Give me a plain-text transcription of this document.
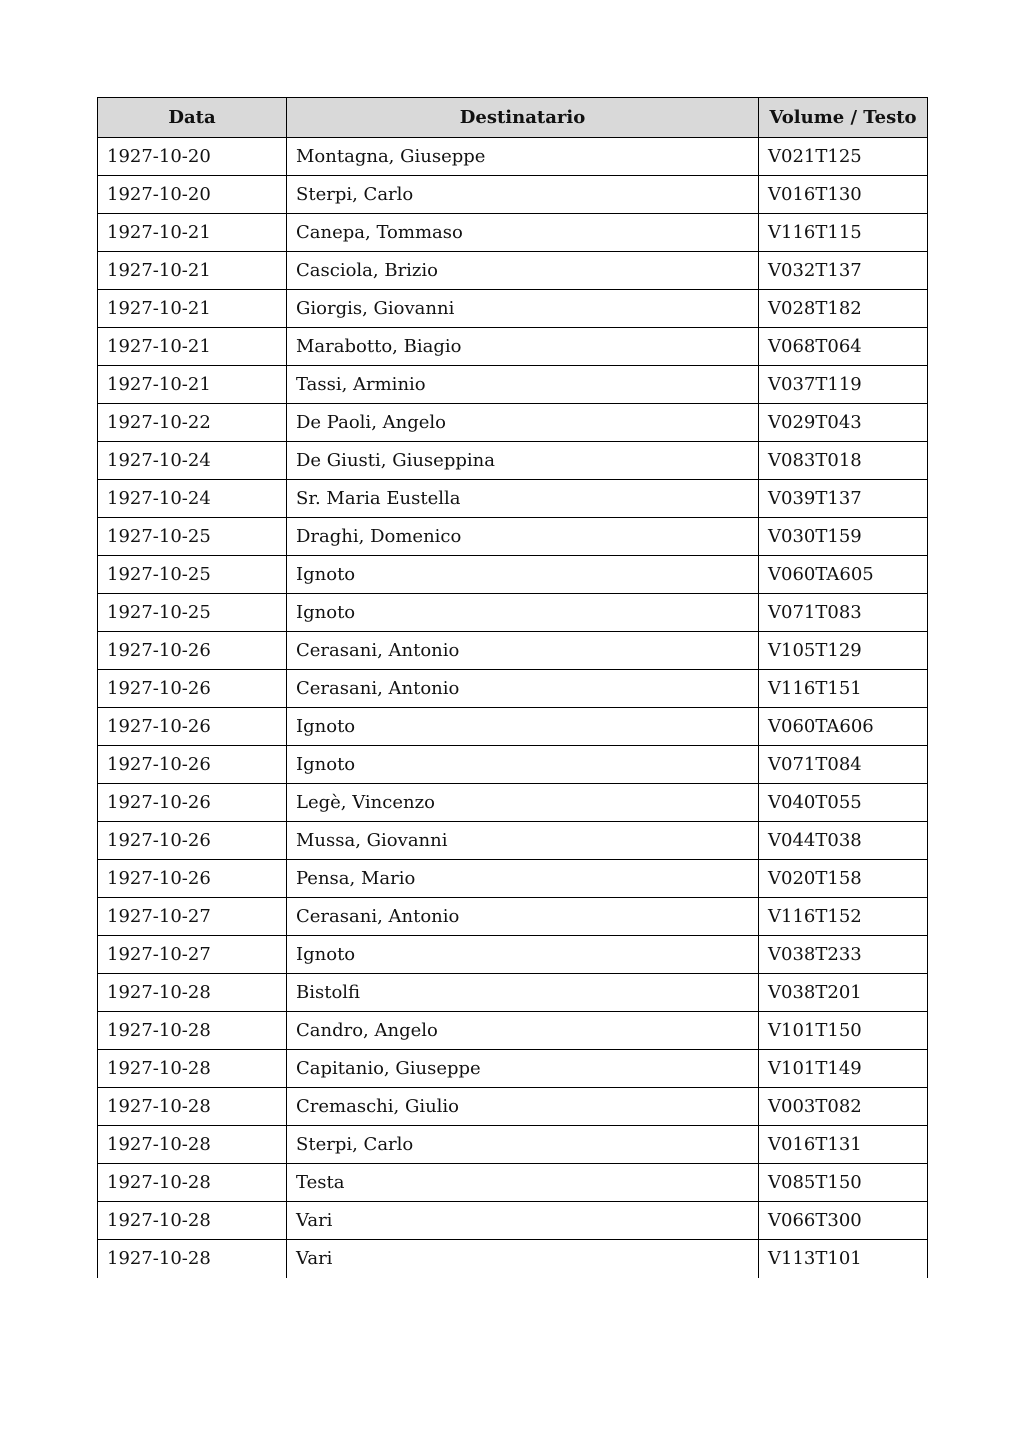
Data	Destinatario	Volume / Testo
1927-10-20	Montagna, Giuseppe	V021T125
1927-10-20	Sterpi, Carlo	V016T130
1927-10-21	Canepa, Tommaso	V116T115
1927-10-21	Casciola, Brizio	V032T137
1927-10-21	Giorgis, Giovanni	V028T182
1927-10-21	Marabotto, Biagio	V068T064
1927-10-21	Tassi, Arminio	V037T119
1927-10-22	De Paoli, Angelo	V029T043
1927-10-24	De Giusti, Giuseppina	V083T018
1927-10-24	Sr. Maria Eustella	V039T137
1927-10-25	Draghi, Domenico	V030T159
1927-10-25	Ignoto	V060TA605
1927-10-25	Ignoto	V071T083
1927-10-26	Cerasani, Antonio	V105T129
1927-10-26	Cerasani, Antonio	V116T151
1927-10-26	Ignoto	V060TA606
1927-10-26	Ignoto	V071T084
1927-10-26	Legè, Vincenzo	V040T055
1927-10-26	Mussa, Giovanni	V044T038
1927-10-26	Pensa, Mario	V020T158
1927-10-27	Cerasani, Antonio	V116T152
1927-10-27	Ignoto	V038T233
1927-10-28	Bistolfi	V038T201
1927-10-28	Candro, Angelo	V101T150
1927-10-28	Capitanio, Giuseppe	V101T149
1927-10-28	Cremaschi, Giulio	V003T082
1927-10-28	Sterpi, Carlo	V016T131
1927-10-28	Testa	V085T150
1927-10-28	Vari	V066T300
1927-10-28	Vari	V113T101
